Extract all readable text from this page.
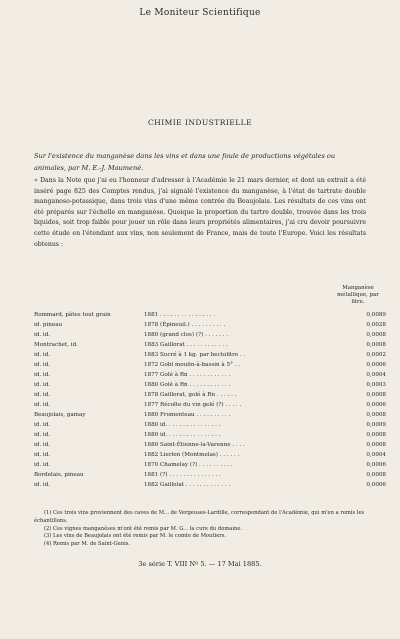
Le Moniteur Scientifique
CHIMIE INDUSTRIELLE
Sur l'existence du manganèse dans les vins et dans une foule de productions végétales ou animales, par M. E.-J. Maumené.
« Dans la Note que j'ai eu l'honneur d'adresser à l'Académie le 21 mars dernier, et dont un extrait a été inséré page 825 des Comptes rendus, j'ai signalé l'existence du manganèse, à l'état de tartrate double manganoso-potassique, dans trois vins d'une même contrée du Beaujolais. Les résultats de ces vins ont été préparés sur l'échelle en manganèse. Quoique la proportion du tartre double, trouvée dans les trois liquides, soit trop faible pour jouer un rôle dans leurs propriétés alimentaires, j'ai cru devoir poursuivre cette étude en l'étendant aux vins, non seulement de France, mais de toute l'Europe. Voici les résultats obtenus :
Manganèse métallique, par litre.
Rommard, pâtes tout grain	1881 . . . . . . . . . . . . . . . .	0,0089
id. pineau	1878 (Épineuil.) . . . . . . . . . .	0,0028
id. id.	1880 (grand clos) (?) . . . . . . .	0,0008
Montrachet, id.	1883 Gaillorat . . . . . . . . . . . .	0,0008
id. id.	1883 Sucré à 1 kg. par hectolitre . .	0,0002
id. id.	1872 Gobl moulin-à-bassin à 5° . .	0,0006
id. id.	1877 Golé à Rn . . . . . . . . . . . .	0,0004
id. id.	1880 Golé à Rn . . . . . . . . . . . .	0,0003
id. id.	1878 Gaillorat, golé à Rn . . . . . .	0,0008
id. id.	1877 Récolte du vin gelé (?) . . . . .	0,0006
Beaujolais, gamay	1880 Fromenteau . . . . . . . . . .	0,0008
id. id.	1880 id. . . . . . . . . . . . . . . .	0,0009
id. id.	1880 id. . . . . . . . . . . . . . . .	0,0008
id. id.	1880 Saint-Étienne-la-Varenne . . . .	0,0008
id. id.	1882 Lierlon (Montmelas) . . . . . .	0,0004
id. id.	1870 Chamelay (?) . . . . . . . . . .	0,0006
Bordelais, pineau	1881 (?) . . . . . . . . . . . . . . .	0,0008
id. id.	1882 Gaillolat . . . . . . . . . . . . .	0,0006
(1) Ces trois vins proviennent des caves de M... de Vergeuses-Lardille, correspondant de l'Académie, qui m'en a remis les échantillons.
(2) Ces vignes manganèses m'ont été remis par M. G... la cure du domaine.
(3) Les vins de Beaujolais ont été remis par M. le comte de Moutiers.
(4) Remis par M. de Saint-Genis.
3e série T. VIII Nº 5. — 17 Mai 1885.
